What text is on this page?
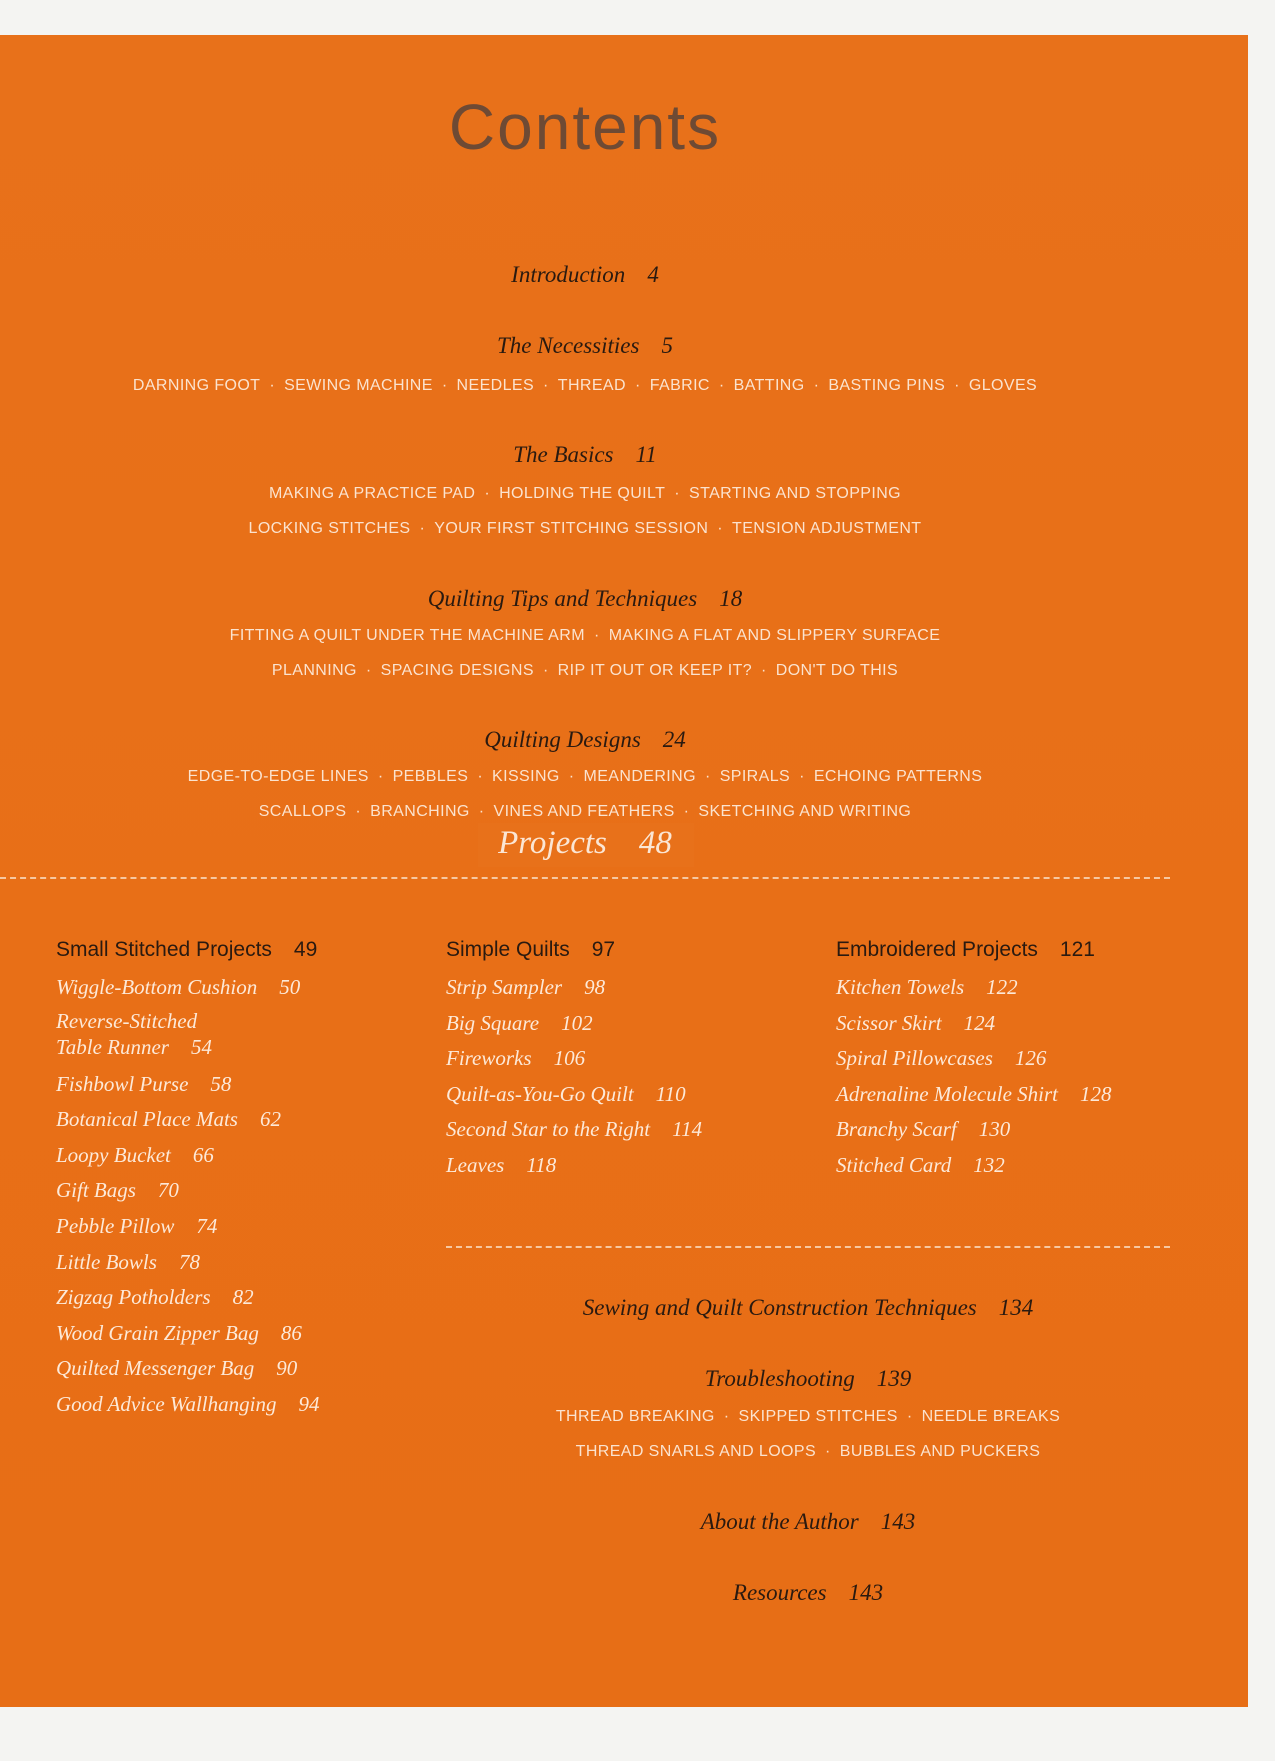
Contents
Introduction 4
The Necessities 5
DARNING FOOT · SEWING MACHINE · NEEDLES · THREAD · FABRIC · BATTING · BASTING PINS · GLOVES
The Basics 11
MAKING A PRACTICE PAD · HOLDING THE QUILT · STARTING AND STOPPING
LOCKING STITCHES · YOUR FIRST STITCHING SESSION · TENSION ADJUSTMENT
Quilting Tips and Techniques 18
FITTING A QUILT UNDER THE MACHINE ARM · MAKING A FLAT AND SLIPPERY SURFACE
PLANNING · SPACING DESIGNS · RIP IT OUT OR KEEP IT? · DON'T DO THIS
Quilting Designs 24
EDGE-TO-EDGE LINES · PEBBLES · KISSING · MEANDERING · SPIRALS · ECHOING PATTERNS
SCALLOPS · BRANCHING · VINES AND FEATHERS · SKETCHING AND WRITING
Projects 48
Small Stitched Projects 49
Wiggle-Bottom Cushion 50
Reverse-Stitched
Table Runner 54
Fishbowl Purse 58
Botanical Place Mats 62
Loopy Bucket 66
Gift Bags 70
Pebble Pillow 74
Little Bowls 78
Zigzag Potholders 82
Wood Grain Zipper Bag 86
Quilted Messenger Bag 90
Good Advice Wallhanging 94
Simple Quilts 97
Strip Sampler 98
Big Square 102
Fireworks 106
Quilt-as-You-Go Quilt 110
Second Star to the Right 114
Leaves 118
Embroidered Projects 121
Kitchen Towels 122
Scissor Skirt 124
Spiral Pillowcases 126
Adrenaline Molecule Shirt 128
Branchy Scarf 130
Stitched Card 132
Sewing and Quilt Construction Techniques 134
Troubleshooting 139
THREAD BREAKING · SKIPPED STITCHES · NEEDLE BREAKS
THREAD SNARLS AND LOOPS · BUBBLES AND PUCKERS
About the Author 143
Resources 143
